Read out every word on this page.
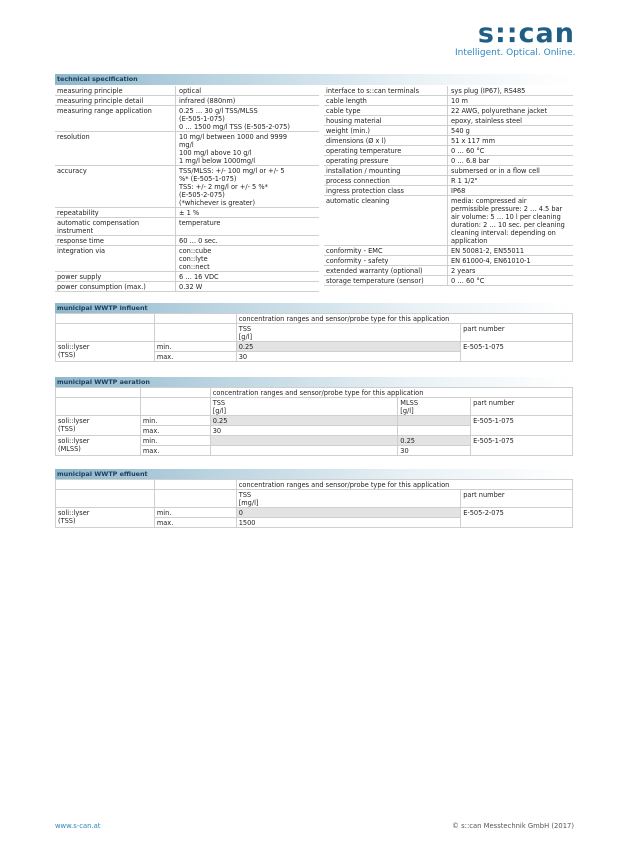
s::can
Intelligent. Optical. Online.
technical specification
measuring principle	optical
measuring principle detail	infrared (880nm)
measuring range application	0.25 … 30 g/l TSS/MLSS
(E-505-1-075)
0 … 1500 mg/l TSS (E-505-2-075)
resolution	10 mg/l between 1000 and 9999
mg/l
100 mg/l above 10 g/l
1 mg/l below 1000mg/l
accuracy	TSS/MLSS: +/- 100 mg/l or +/- 5
%* (E-505-1-075)
TSS: +/- 2 mg/l or +/- 5 %*
(E-505-2-075)
(*whichever is greater)
repeatability	± 1 %
automatic compensation instrument
temperature
response time	60 … 0 sec.
integration via	con::cube
con::lyte
con::nect
power supply	6 … 16 VDC
power consumption (max.)	0.32 W
interface to s::can terminals	sys plug (IP67), RS485
cable length	10 m
cable type	22 AWG, polyurethane jacket
housing material	epoxy, stainless steel
weight (min.)	540 g
dimensions (Ø x l)	51 x 117 mm
operating temperature	0 … 60 °C
operating pressure	0 … 6.8 bar
installation / mounting	submersed or in a flow cell
process connection	R 1 1/2"
ingress protection class	IP68
automatic cleaning	media: compressed air
permissible pressure: 2 … 4.5 bar
air volume: 5 … 10 l per cleaning
duration: 2 … 10 sec. per cleaning
cleaning interval: depending on
application
conformity - EMC	EN 50081-2, EN55011
conformity - safety	EN 61000-4, EN61010-1
extended warranty (optional)	2 years
storage temperature (sensor)	0 … 60 °C
municipal WWTP influent
		concentration ranges and sensor/probe type for this application	

		TSS
[g/l]	part number

soli::lyser
(TSS)	min.	0.25	E-505-1-075
	max.	30	
municipal WWTP aeration
		concentration ranges and sensor/probe type for this application		

		TSS
[g/l]	MLSS
[g/l]	part number

soli::lyser
(TSS)	min.	0.25		E-505-1-075
	max.	30		

soli::lyser
(MLSS)	min.		0.25	E-505-1-075
	max.		30	
municipal WWTP effluent
		concentration ranges and sensor/probe type for this application	

		TSS
[mg/l]	part number

soli::lyser
(TSS)	min.	0	E-505-2-075
	max.	1500	
www.s-can.at	© s::can Messtechnik GmbH (2017)
